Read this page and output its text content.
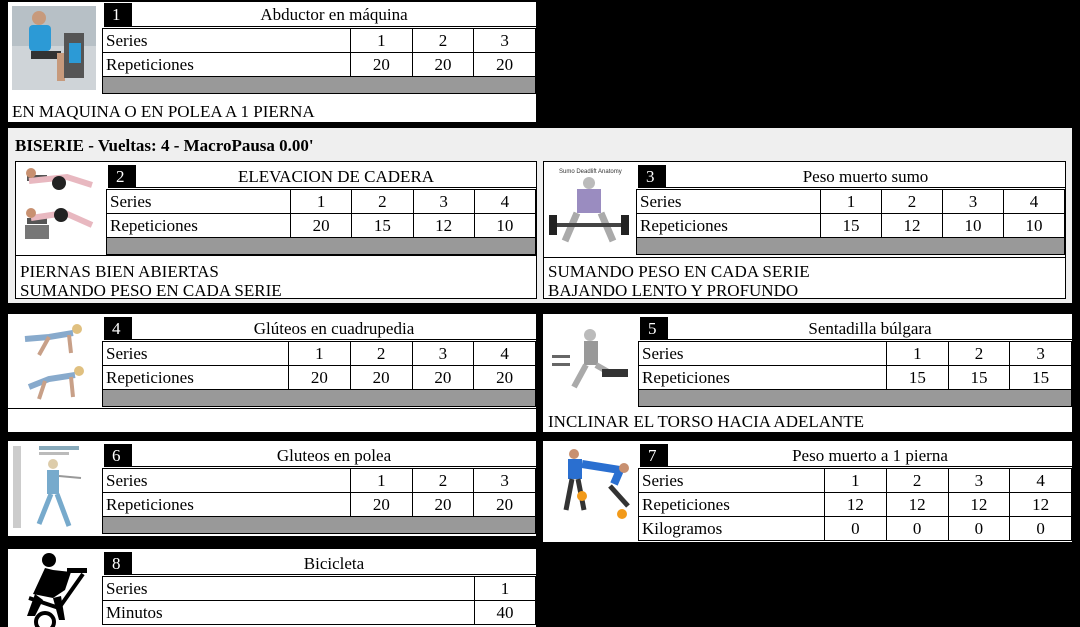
1	Abductor en máquina
Series	1	2	3
Repeticiones	20	20	20

EN MAQUINA O EN POLEA A 1 PIERNA
BISERIE - Vueltas: 4 - MacroPausa 0.00'
2	ELEVACION DE CADERA
Series	1	2	3	4
Repeticiones	20	15	12	10

PIERNAS BIEN ABIERTAS
SUMANDO PESO EN CADA SERIE
Sumo Deadlift Anatomy	3	Peso muerto sumo
Series	1	2	3	4
Repeticiones	15	12	10	10

SUMANDO PESO EN CADA SERIE
BAJANDO LENTO Y PROFUNDO
4	Glúteos en cuadrupedia
Series	1	2	3	4
Repeticiones	20	20	20	20

5	Sentadilla búlgara
Series	1	2	3
Repeticiones	15	15	15

INCLINAR EL TORSO HACIA ADELANTE
6	Gluteos en polea
Series	1	2	3
Repeticiones	20	20	20

7	Peso muerto a 1 pierna
Series	1	2	3	4
Repeticiones	12	12	12	12
Kilogramos	0	0	0	0
8	Bicicleta
Series	1
Minutos	40
